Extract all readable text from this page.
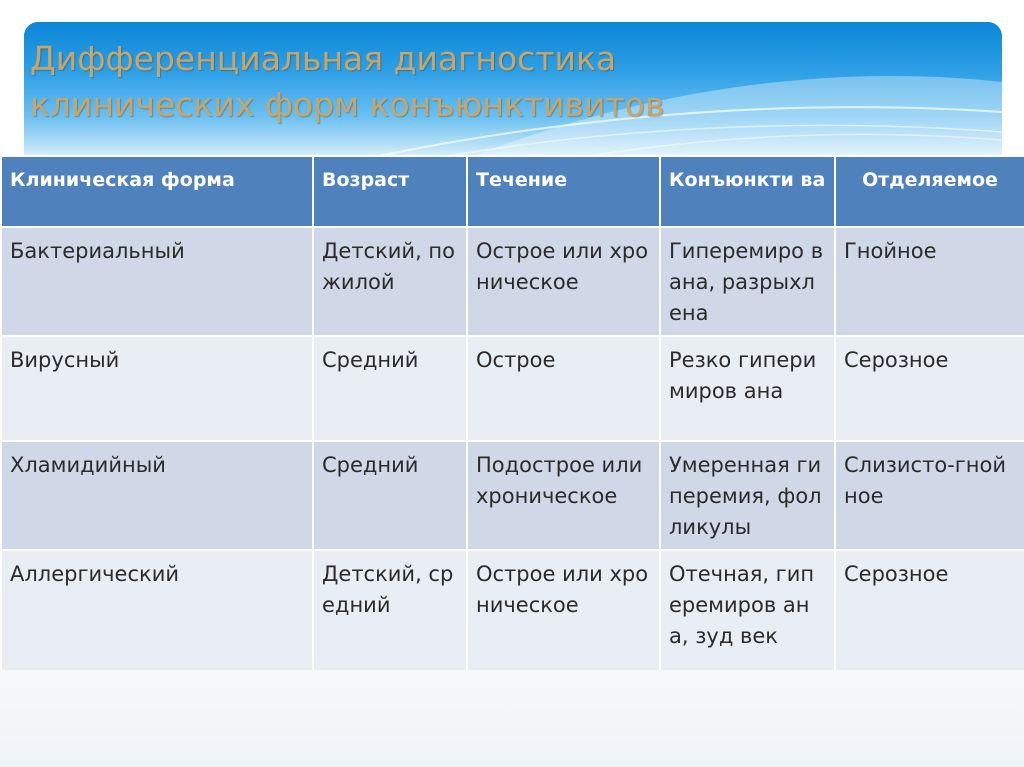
Дифференциальная диагностика
клинических форм конъюнктивитов
Клиническая форма	Возраст	Течение	Конъюнкти ва	Отделяемое
Бактериальный	Детский, пожилой	Острое или хроническое	Гиперемиро вана, разрыхлена	Гнойное
Вирусный	Средний	Острое	Резко гиперимиров ана	Серозное
Хламидийный	Средний	Подострое или хроническое	Умеренная гиперемия, фолликулы	Слизисто-гнойное
Аллергический	Детский, средний	Острое или хроническое	Отечная, гиперемиров ана, зуд век	Серозное
